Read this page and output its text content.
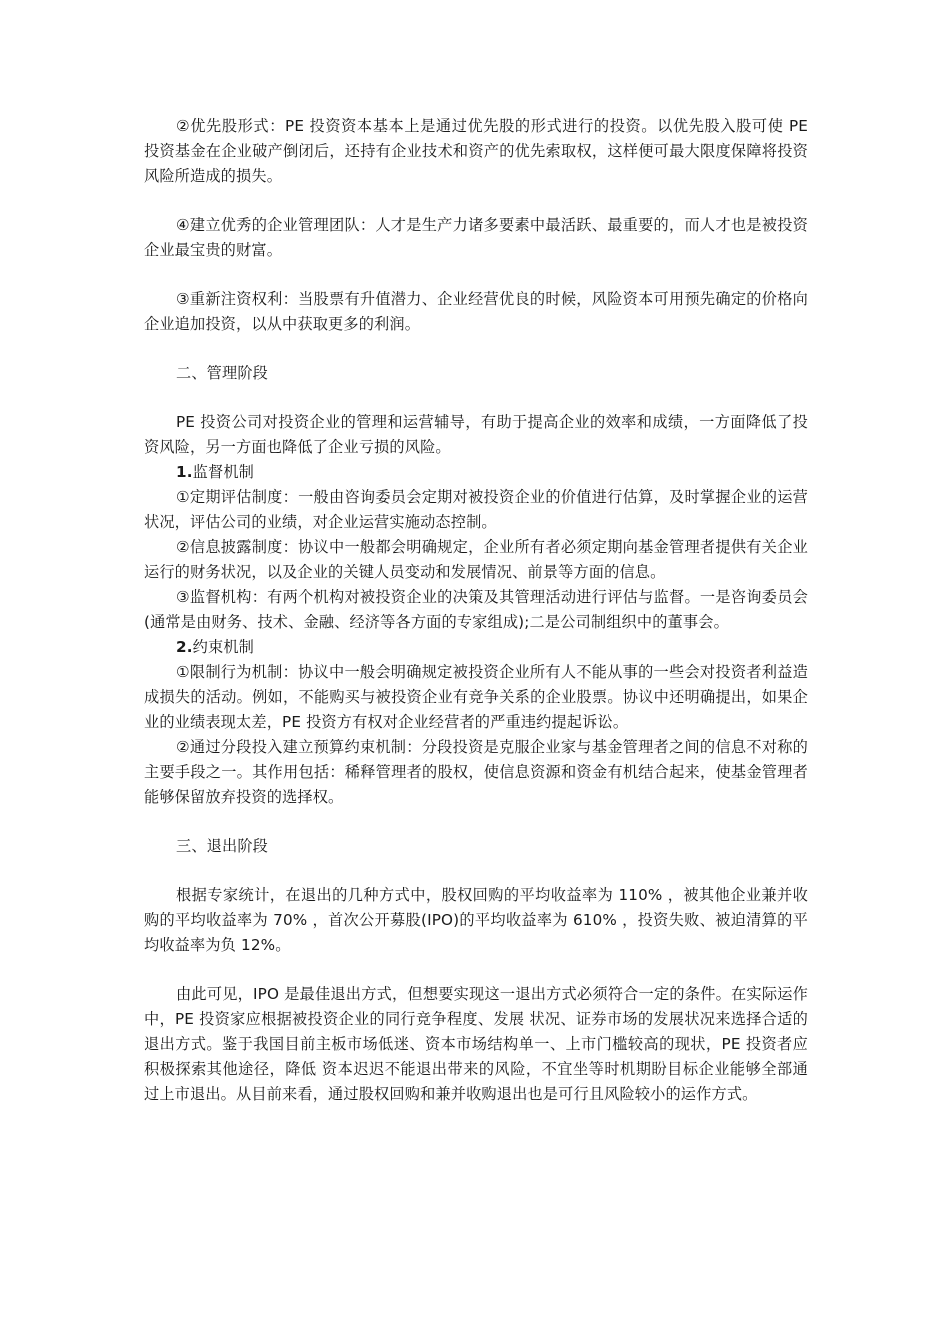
②优先股形式：PE 投资资本基本上是通过优先股的形式进行的投资。以优先股入股可使 PE 投资基金在企业破产倒闭后，还持有企业技术和资产的优先索取权，这样便可最大限度保障将投资风险所造成的损失。

④建立优秀的企业管理团队：人才是生产力诸多要素中最活跃、最重要的，而人才也是被投资企业最宝贵的财富。

③重新注资权利：当股票有升值潜力、企业经营优良的时候，风险资本可用预先确定的价格向企业追加投资，以从中获取更多的利润。

二、管理阶段

PE 投资公司对投资企业的管理和运营辅导，有助于提高企业的效率和成绩，一方面降低了投资风险，另一方面也降低了企业亏损的风险。

1.监督机制

①定期评估制度：一般由咨询委员会定期对被投资企业的价值进行估算，及时掌握企业的运营状况，评估公司的业绩，对企业运营实施动态控制。

②信息披露制度：协议中一般都会明确规定，企业所有者必须定期向基金管理者提供有关企业运行的财务状况，以及企业的关键人员变动和发展情况、前景等方面的信息。

③监督机构：有两个机构对被投资企业的决策及其管理活动进行评估与监督。一是咨询委员会(通常是由财务、技术、金融、经济等各方面的专家组成);二是公司制组织中的董事会。

2.约束机制

①限制行为机制：协议中一般会明确规定被投资企业所有人不能从事的一些会对投资者利益造成损失的活动。例如，不能购买与被投资企业有竞争关系的企业股票。协议中还明确提出，如果企业的业绩表现太差，PE 投资方有权对企业经营者的严重违约提起诉讼。

②通过分段投入建立预算约束机制：分段投资是克服企业家与基金管理者之间的信息不对称的主要手段之一。其作用包括：稀释管理者的股权，使信息资源和资金有机结合起来，使基金管理者能够保留放弃投资的选择权。

三、退出阶段

根据专家统计，在退出的几种方式中，股权回购的平均收益率为 110% ，被其他企业兼并收购的平均收益率为 70% ，首次公开募股(IPO)的平均收益率为 610% ，投资失败、被迫清算的平均收益率为负 12%。

由此可见，IPO 是最佳退出方式，但想要实现这一退出方式必须符合一定的条件。在实际运作中，PE 投资家应根据被投资企业的同行竞争程度、发展 状况、证券市场的发展状况来选择合适的退出方式。鉴于我国目前主板市场低迷、资本市场结构单一、上市门槛较高的现状，PE 投资者应积极探索其他途径，降低 资本迟迟不能退出带来的风险，不宜坐等时机期盼目标企业能够全部通过上市退出。从目前来看，通过股权回购和兼并收购退出也是可行且风险较小的运作方式。
